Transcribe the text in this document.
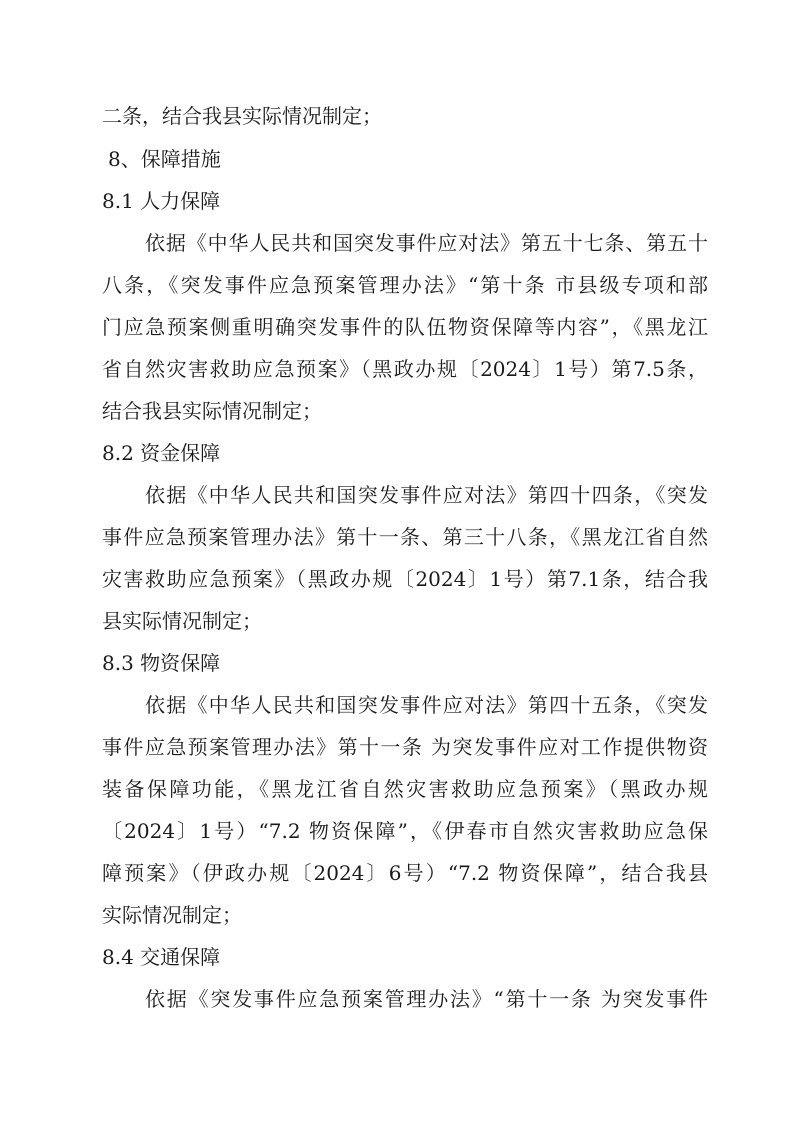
二条，结合我县实际情况制定；
8、保障措施
8.1 人力保障
依据《中华人民共和国突发事件应对法》第五十七条、第五十
八条，《突发事件应急预案管理办法》“第十条 市县级专项和部
门应急预案侧重明确突发事件的队伍物资保障等内容”，《黑龙江
省自然灾害救助应急预案》（黑政办规〔2024〕1号）第7.5条，
结合我县实际情况制定；
8.2 资金保障
依据《中华人民共和国突发事件应对法》第四十四条，《突发
事件应急预案管理办法》第十一条、第三十八条，《黑龙江省自然
灾害救助应急预案》（黑政办规〔2024〕1号）第7.1条，结合我
县实际情况制定；
8.3 物资保障
依据《中华人民共和国突发事件应对法》第四十五条，《突发
事件应急预案管理办法》第十一条 为突发事件应对工作提供物资
装备保障功能，《黑龙江省自然灾害救助应急预案》（黑政办规
〔2024〕1号）“7.2 物资保障”，《伊春市自然灾害救助应急保
障预案》（伊政办规〔2024〕6号）“7.2 物资保障”，结合我县
实际情况制定；
8.4 交通保障
依据《突发事件应急预案管理办法》“第十一条 为突发事件
